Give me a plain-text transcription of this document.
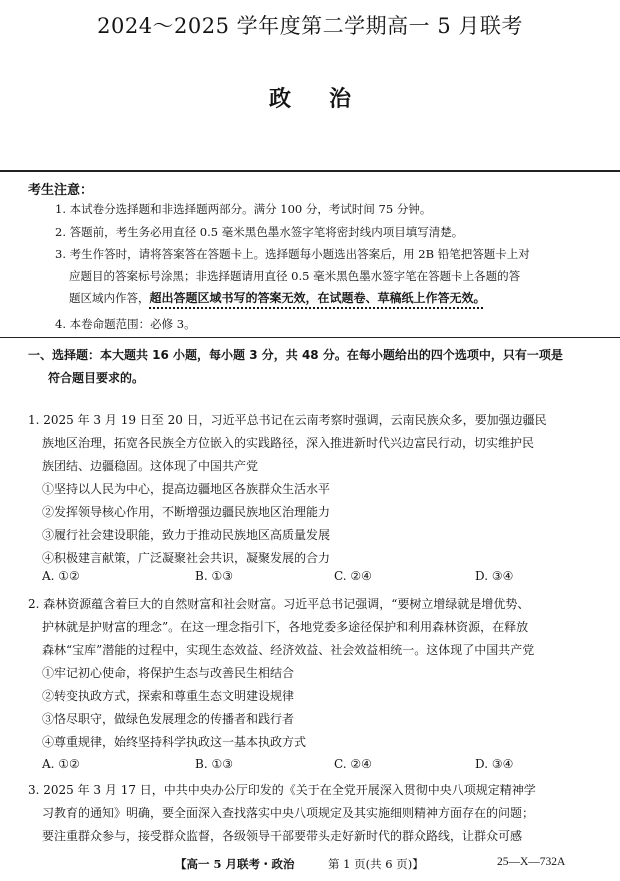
2024～2025 学年度第二学期高一 5 月联考
政治
考生注意：
1. 本试卷分选择题和非选择题两部分。满分 100 分，考试时间 75 分钟。
2. 答题前，考生务必用直径 0.5 毫米黑色墨水签字笔将密封线内项目填写清楚。
3. 考生作答时，请将答案答在答题卡上。选择题每小题选出答案后，用 2B 铅笔把答题卡上对
应题目的答案标号涂黑；非选择题请用直径 0.5 毫米黑色墨水签字笔在答题卡上各题的答
题区域内作答，超出答题区域书写的答案无效，在试题卷、草稿纸上作答无效。
4. 本卷命题范围：必修 3。
一、选择题：本大题共 16 小题，每小题 3 分，共 48 分。在每小题给出的四个选项中，只有一项是
符合题目要求的。
1. 2025 年 3 月 19 日至 20 日，习近平总书记在云南考察时强调，云南民族众多，要加强边疆民
族地区治理，拓宽各民族全方位嵌入的实践路径，深入推进新时代兴边富民行动，切实维护民
族团结、边疆稳固。这体现了中国共产党
①坚持以人民为中心，提高边疆地区各族群众生活水平
②发挥领导核心作用，不断增强边疆民族地区治理能力
③履行社会建设职能，致力于推动民族地区高质量发展
④积极建言献策，广泛凝聚社会共识，凝聚发展的合力
A. ①②	B. ①③	C. ②④	D. ③④
2. 森林资源蕴含着巨大的自然财富和社会财富。习近平总书记强调，“要树立增绿就是增优势、
护林就是护财富的理念”。在这一理念指引下，各地党委多途径保护和利用森林资源，在释放
森林“宝库”潜能的过程中，实现生态效益、经济效益、社会效益相统一。这体现了中国共产党
①牢记初心使命，将保护生态与改善民生相结合
②转变执政方式，探索和尊重生态文明建设规律
③恪尽职守，做绿色发展理念的传播者和践行者
④尊重规律，始终坚持科学执政这一基本执政方式
A. ①②	B. ①③	C. ②④	D. ③④
3. 2025 年 3 月 17 日，中共中央办公厅印发的《关于在全党开展深入贯彻中央八项规定精神学
习教育的通知》明确，要全面深入查找落实中央八项规定及其实施细则精神方面存在的问题；
要注重群众参与，接受群众监督，各级领导干部要带头走好新时代的群众路线，让群众可感
【高一 5 月联考・政治	第 1 页(共 6 页)】	25—X—732A
